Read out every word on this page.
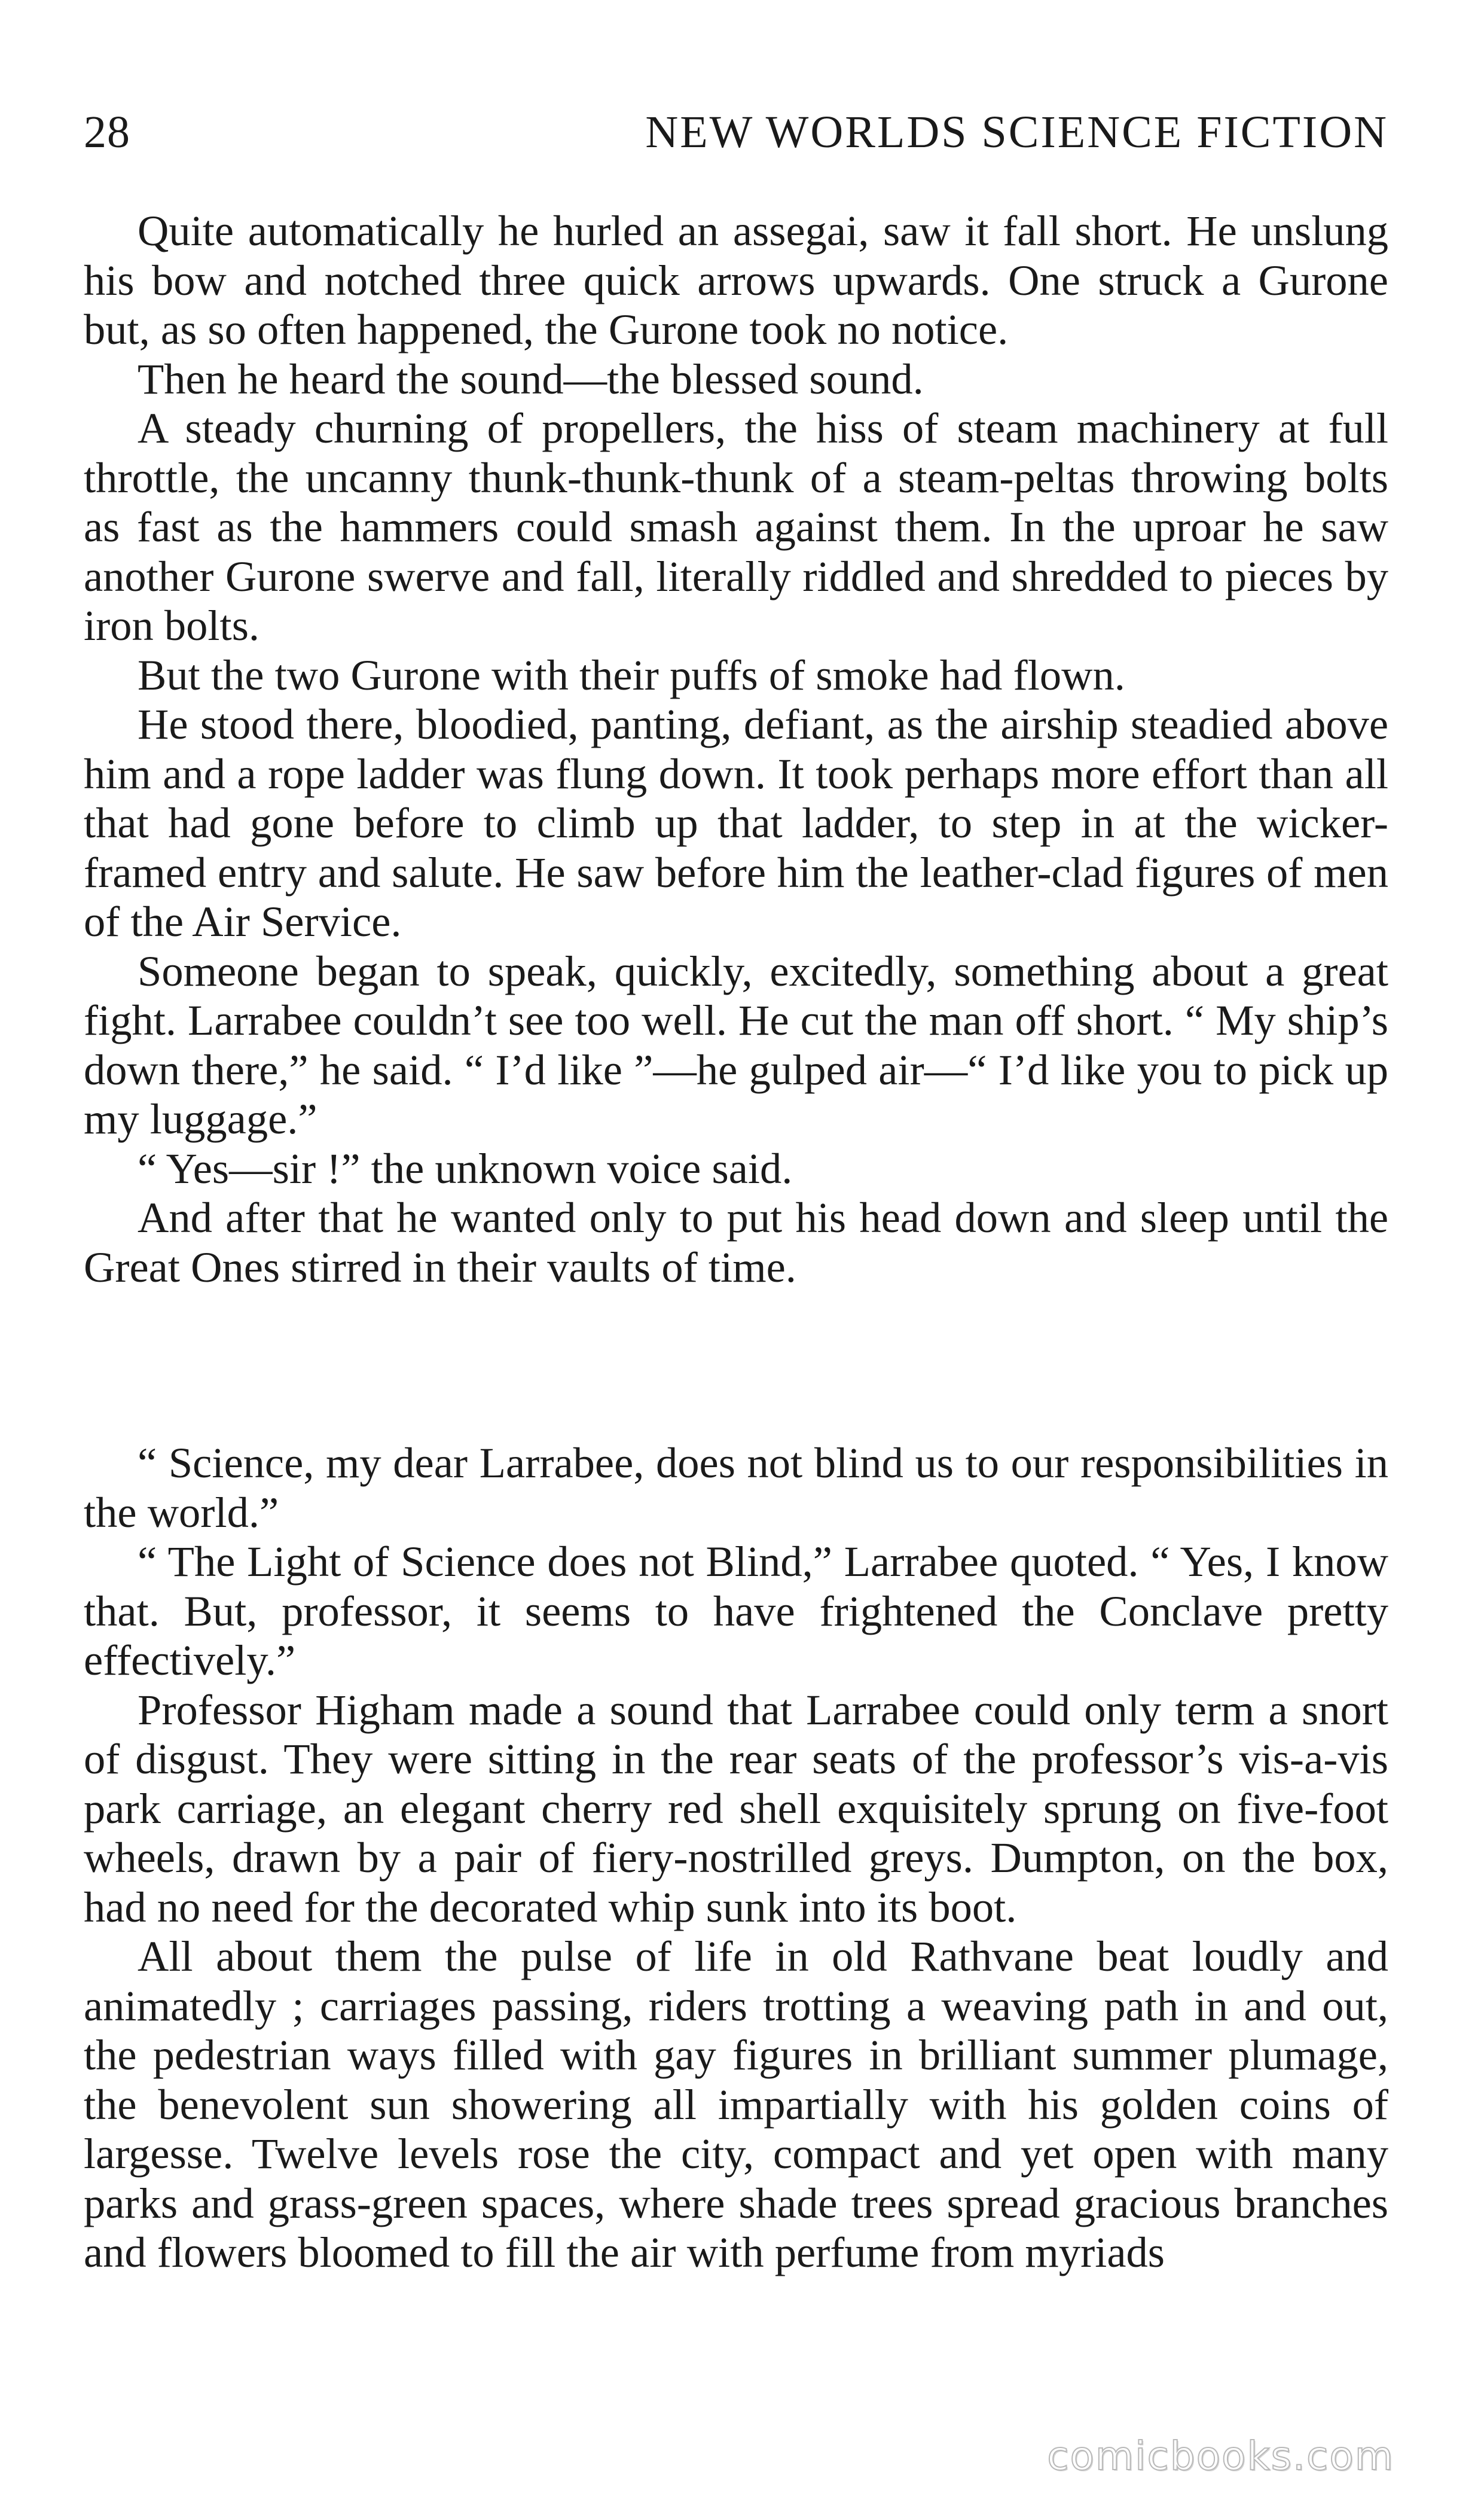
28	NEW WORLDS SCIENCE FICTION

Quite automatically he hurled an assegai, saw it fall short. He unslung his bow and notched three quick arrows upwards. One struck a Gurone but, as so often happened, the Gurone took no notice.

Then he heard the sound—the blessed sound.

A steady churning of propellers, the hiss of steam machinery at full throttle, the uncanny thunk-thunk-thunk of a steam-peltas throwing bolts as fast as the hammers could smash against them. In the uproar he saw another Gurone swerve and fall, literally riddled and shredded to pieces by iron bolts.

But the two Gurone with their puffs of smoke had flown.

He stood there, bloodied, panting, defiant, as the airship steadied above him and a rope ladder was flung down. It took perhaps more effort than all that had gone before to climb up that ladder, to step in at the wicker-framed entry and salute. He saw before him the leather-clad figures of men of the Air Service.

Someone began to speak, quickly, excitedly, something about a great fight. Larrabee couldn’t see too well. He cut the man off short. “ My ship’s down there,” he said. “ I’d like ”—he gulped air—“ I’d like you to pick up my luggage.”

“ Yes—sir !” the unknown voice said.

And after that he wanted only to put his head down and sleep until the Great Ones stirred in their vaults of time.

“ Science, my dear Larrabee, does not blind us to our responsibilities in the world.”

“ The Light of Science does not Blind,” Larrabee quoted. “ Yes, I know that. But, professor, it seems to have frightened the Conclave pretty effectively.”

Professor Higham made a sound that Larrabee could only term a snort of disgust. They were sitting in the rear seats of the professor’s vis-a-vis park carriage, an elegant cherry red shell exquisitely sprung on five-foot wheels, drawn by a pair of fiery-nostrilled greys. Dumpton, on the box, had no need for the decorated whip sunk into its boot.

All about them the pulse of life in old Rathvane beat loudly and animatedly ; carriages passing, riders trotting a weaving path in and out, the pedestrian ways filled with gay figures in brilliant summer plumage, the benevolent sun showering all impartially with his golden coins of largesse. Twelve levels rose the city, compact and yet open with many parks and grass-green spaces, where shade trees spread gracious branches and flowers bloomed to fill the air with perfume from myriads

comicbooks.com
